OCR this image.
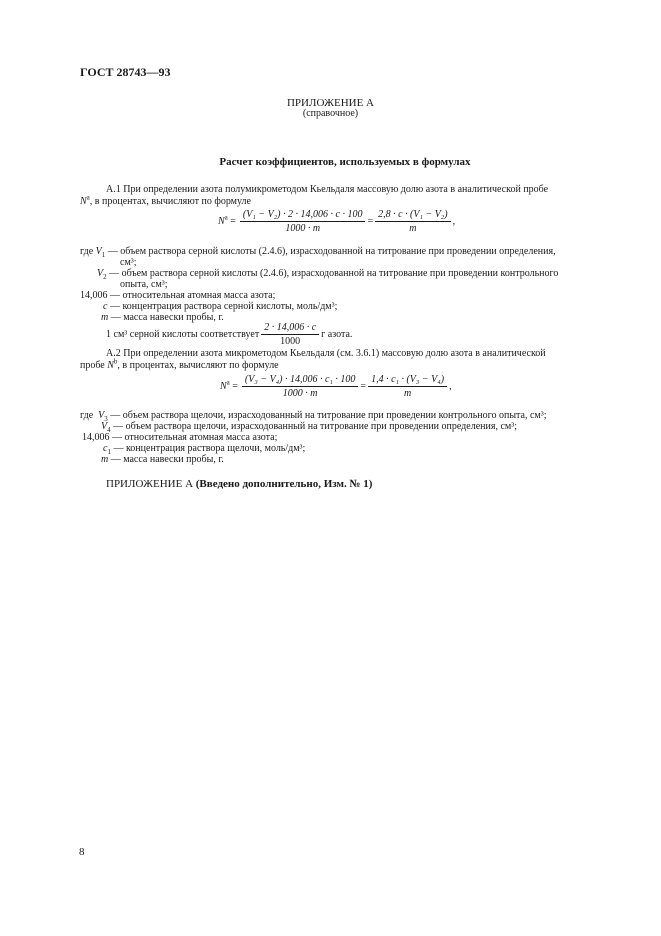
ГОСТ 28743—93
ПРИЛОЖЕНИЕ А
(справочное)
Расчет коэффициентов, используемых в формулах
А.1 При определении азота полумикрометодом Кьельдаля массовую долю азота в аналитической пробе
$N^a$, в процентах, вычисляют по формуле
$N^a = \frac{\text{(V₁ − V₂) · 2 · 14,006 · c · 100}}{1000 \cdot m} = \frac{\text{2,8 · c · (V₁ − V₂)}}{m}$ ,
где $V_1$ — объем раствора серной кислоты (2.4.6), израсходованной на титрование при проведении определения,
см³;
$V_2$ — объем раствора серной кислоты (2.4.6), израсходованной на титрование при проведении контрольного
опыта, см³;
14,006 — относительная атомная масса азота;
c — концентрация раствора серной кислоты, моль/дм³;
m — масса навески пробы, г.
1 см³ серной кислоты соответствует $\frac{2 \cdot 14,006 \cdot c}{1000}$ г азота.
А.2 При определении азота микрометодом Кьельдаля (см. 3.6.1) массовую долю азота в аналитической
пробе $N^b$, в процентах, вычисляют по формуле
$N^a = \frac{\text{(V₃ − V₄) · 14,006 · c₁ · 100}}{1000 \cdot m} = \frac{\text{1,4 · c₁ · (V₃ − V₄)}}{m}$ ,
где $V_3$ — объем раствора щелочи, израсходованный на титрование при проведении контрольного опыта, см³;
$V_4$ — объем раствора щелочи, израсходованный на титрование при проведении определения, см³;
14,006 — относительная атомная масса азота;
$c_1$ — концентрация раствора щелочи, моль/дм³;
m — масса навески пробы, г.
ПРИЛОЖЕНИЕ А (Введено дополнительно, Изм. № 1)
8
